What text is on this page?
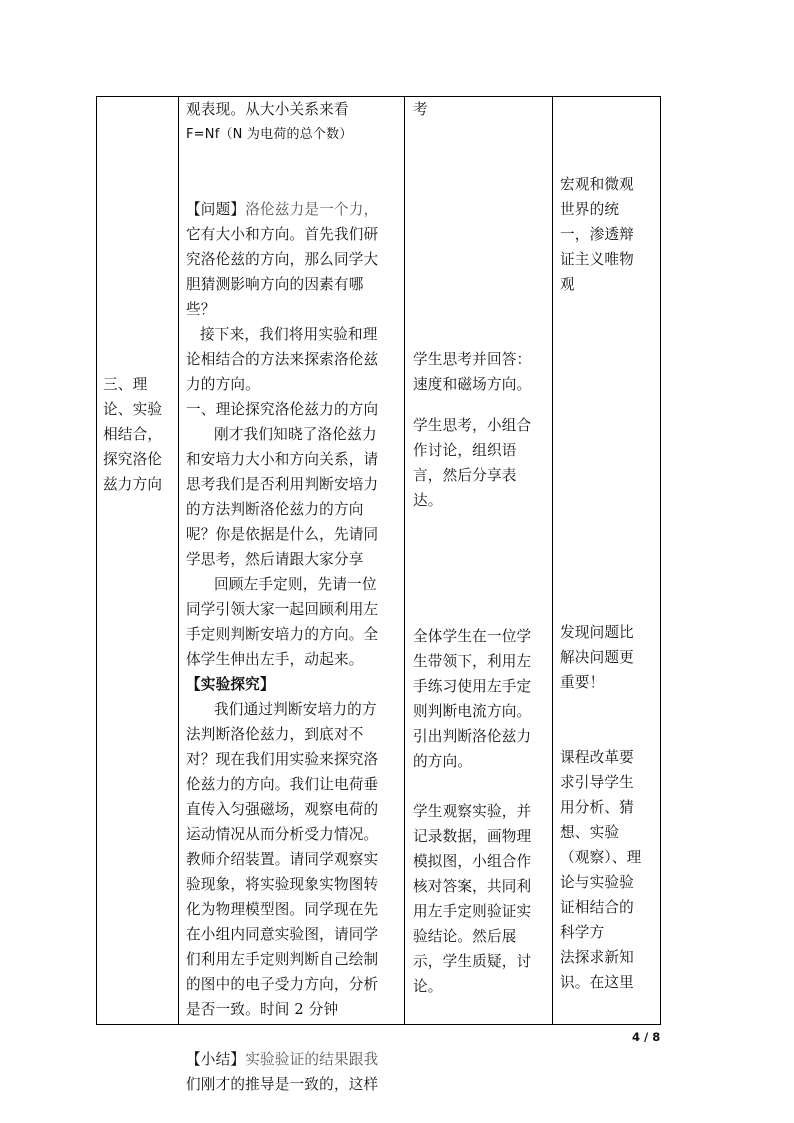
三、理
论、实验
相结合，
探究洛伦
兹力方向
观表现。从大小关系来看
F=Nf（N 为电荷的总个数）
【问题】洛伦兹力是一个力，
它有大小和方向。首先我们研
究洛伦兹的方向，那么同学大
胆猜测影响方向的因素有哪
些？
接下来，我们将用实验和理
论相结合的方法来探索洛伦兹
力的方向。
一、理论探究洛伦兹力的方向
刚才我们知晓了洛伦兹力
和安培力大小和方向关系，请
思考我们是否利用判断安培力
的方法判断洛伦兹力的方向
呢？你是依据是什么，先请同
学思考，然后请跟大家分享
回顾左手定则，先请一位
同学引领大家一起回顾利用左
手定则判断安培力的方向。全
体学生伸出左手，动起来。
【实验探究】
我们通过判断安培力的方
法判断洛伦兹力，到底对不
对？现在我们用实验来探究洛
伦兹力的方向。我们让电荷垂
直传入匀强磁场，观察电荷的
运动情况从而分析受力情况。
教师介绍装置。请同学观察实
验现象，将实验现象实物图转
化为物理模型图。同学现在先
在小组内同意实验图，请同学
们利用左手定则判断自己绘制
的图中的电子受力方向，分析
是否一致。时间 2 分钟
【小结】实验验证的结果跟我
们刚才的推导是一致的，这样
考
学生思考并回答：
速度和磁场方向。
学生思考，小组合
作讨论，组织语
言，然后分享表
达。
全体学生在一位学
生带领下，利用左
手练习使用左手定
则判断电流方向。
引出判断洛伦兹力
的方向。
学生观察实验，并
记录数据，画物理
模拟图，小组合作
核对答案，共同利
用左手定则验证实
验结论。然后展
示，学生质疑，讨
论。
宏观和微观
世界的统
一，渗透辩
证主义唯物
观
发现问题比
解决问题更
重要！
课程改革要
求引导学生
用分析、猜
想、实验
（观察）、理
论与实验验
证相结合的
科学方
法探求新知
识。在这里
4 / 8
